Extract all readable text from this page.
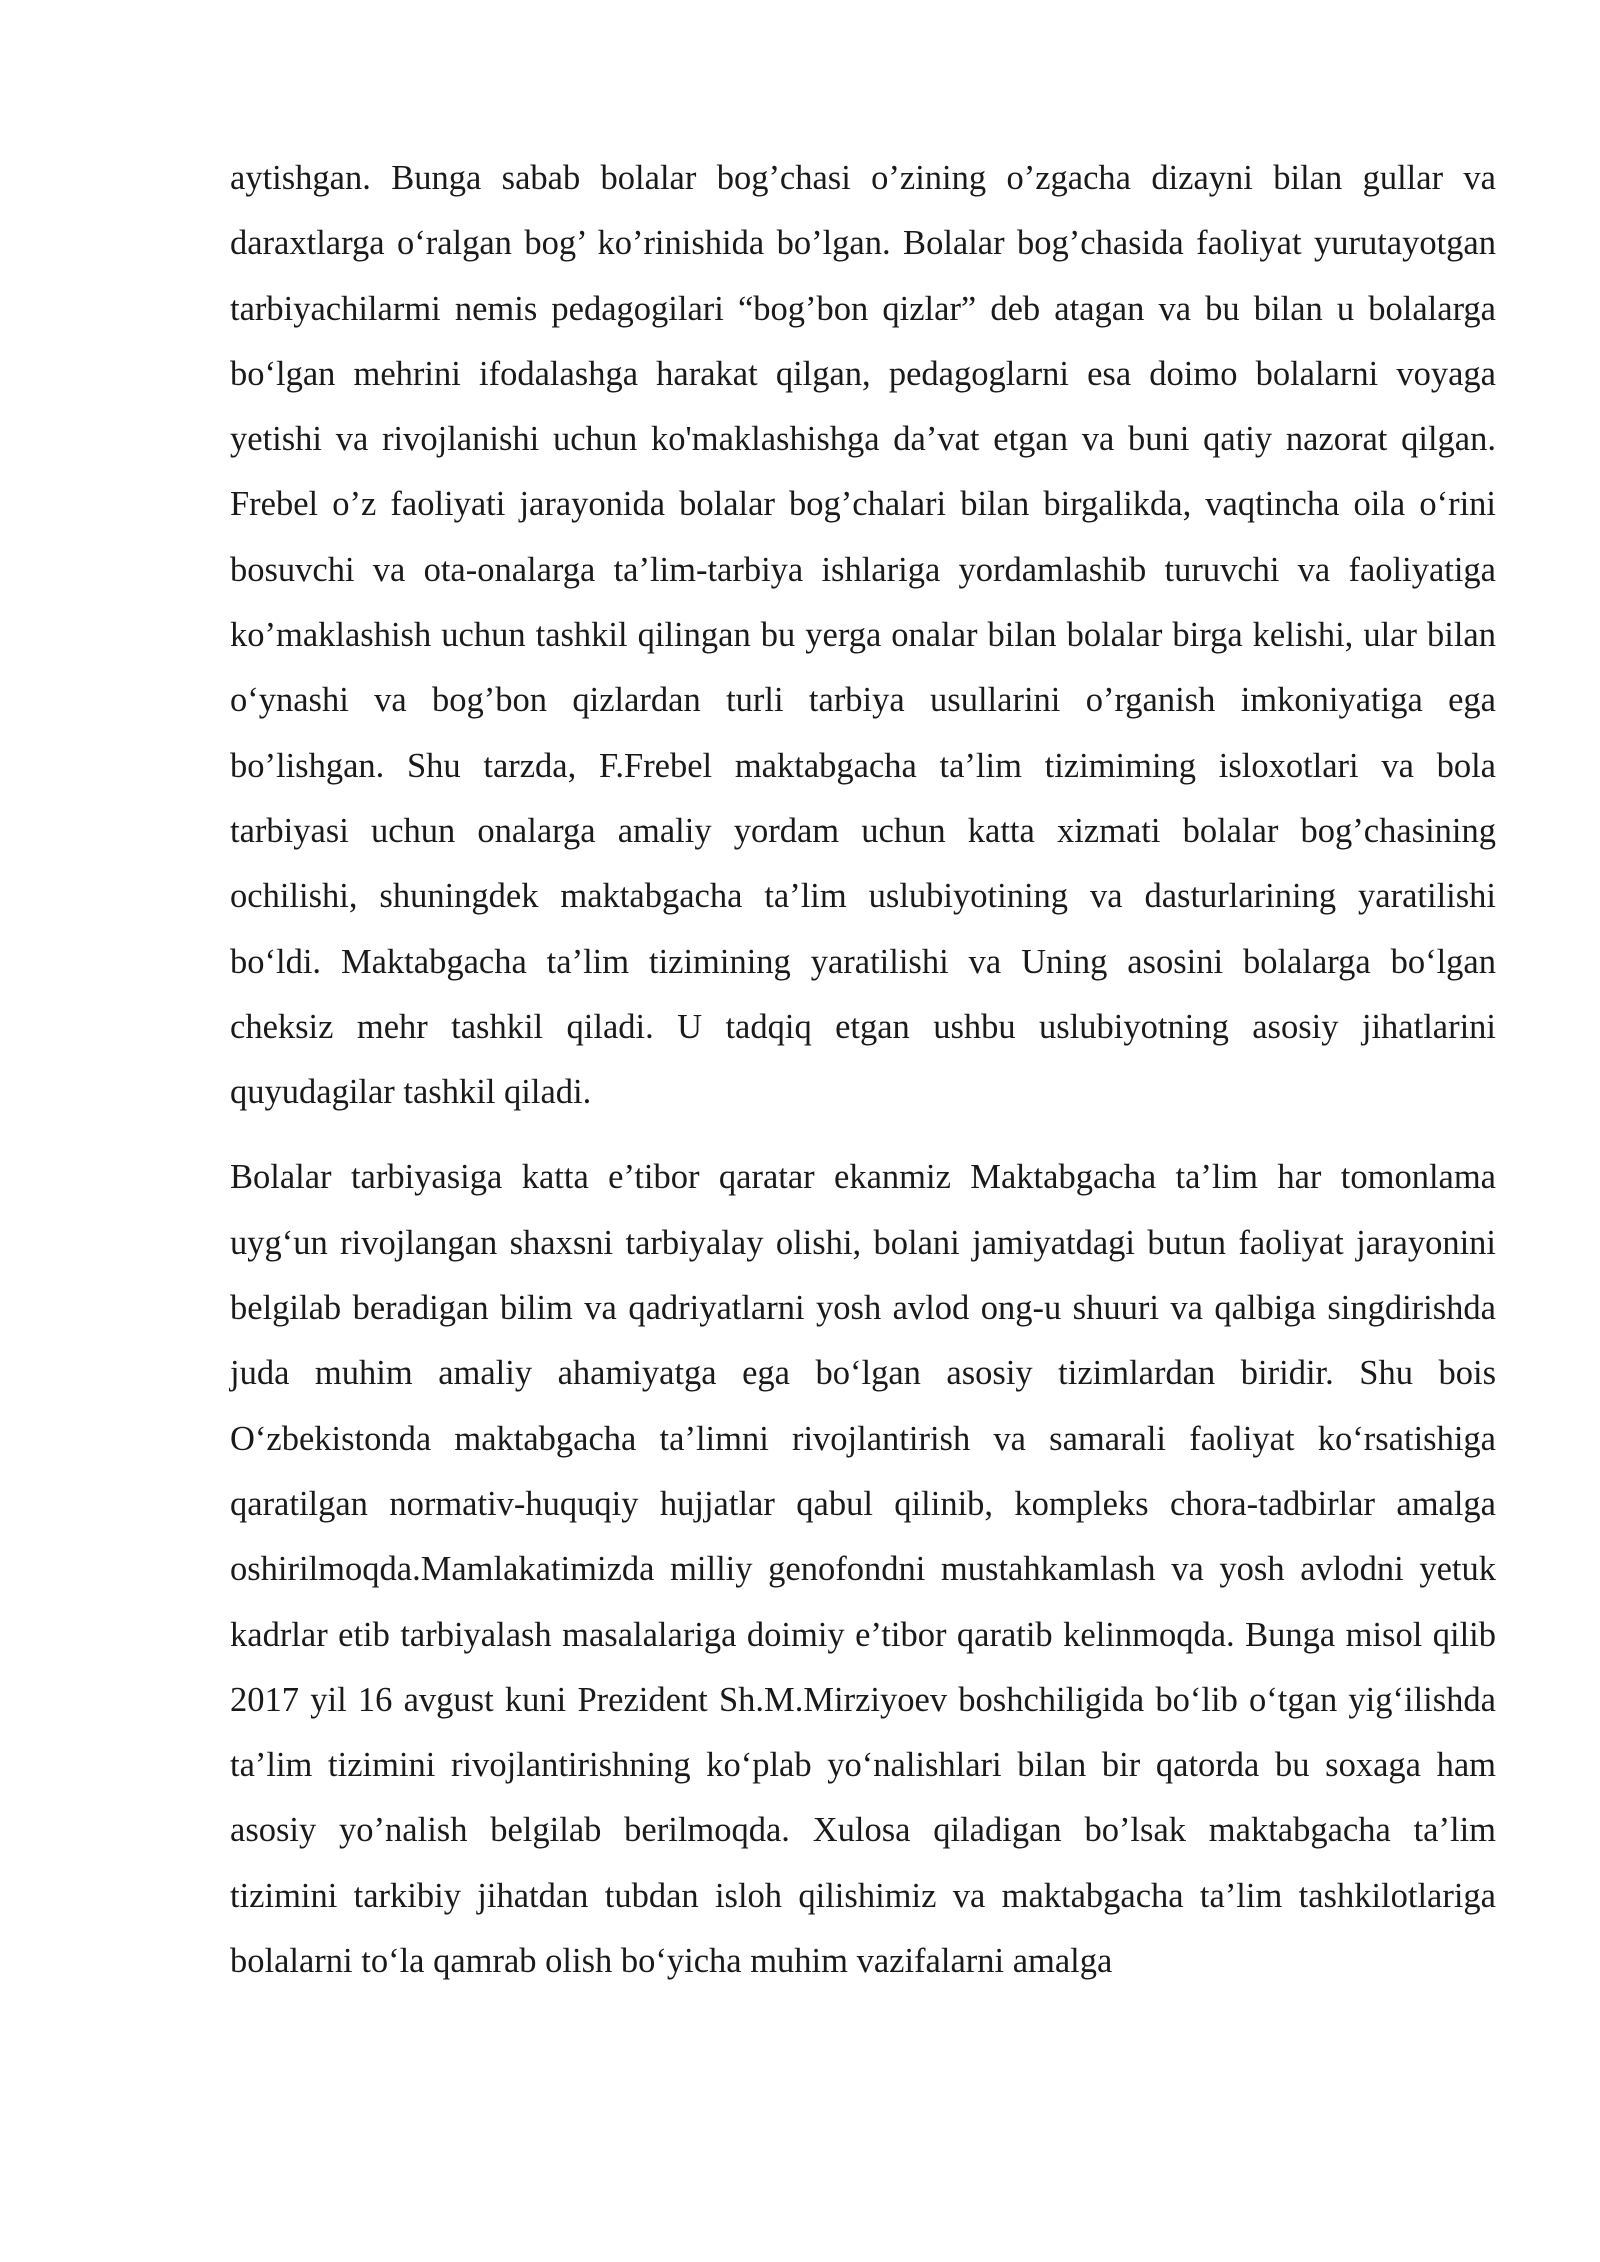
aytishgan. Bunga sabab bolalar bog’chasi o’zining o’zgacha dizayni bilan gullar va daraxtlarga o‘ralgan bog’ ko’rinishida bo’lgan. Bolalar bog’chasida faoliyat yurutayotgan tarbiyachilarmi nemis pedagogilari “bog’bon qizlar” deb atagan va bu bilan u bolalarga bo‘lgan mehrini ifodalashga harakat qilgan, pedagoglarni esa doimo bolalarni voyaga yetishi va rivojlanishi uchun ko'maklashishga da’vat etgan va buni qatiy nazorat qilgan. Frebel o’z faoliyati jarayonida bolalar bog’chalari bilan birgalikda, vaqtincha oila o‘rini bosuvchi va ota-onalarga ta’lim-tarbiya ishlariga yordamlashib turuvchi va faoliyatiga ko’maklashish uchun tashkil qilingan bu yerga onalar bilan bolalar birga kelishi, ular bilan o‘ynashi va bog’bon qizlardan turli tarbiya usullarini o’rganish imkoniyatiga ega bo’lishgan. Shu tarzda, F.Frebel maktabgacha ta’lim tizimiming isloxotlari va bola tarbiyasi uchun onalarga amaliy yordam uchun katta xizmati bolalar bog’chasining ochilishi, shuningdek maktabgacha ta’lim uslubiyotining va dasturlarining yaratilishi bo‘ldi. Maktabgacha ta’lim tizimining yaratilishi va Uning asosini bolalarga bo‘lgan cheksiz mehr tashkil qiladi. U tadqiq etgan ushbu uslubiyotning asosiy jihatlarini quyudagilar tashkil qiladi.

Bolalar tarbiyasiga katta e’tibor qaratar ekanmiz Maktabgacha ta’lim har tomonlama uyg‘un rivojlangan shaxsni tarbiyalay olishi, bolani jamiyatdagi butun faoliyat jarayonini belgilab beradigan bilim va qadriyatlarni yosh avlod ong-u shuuri va qalbiga singdirishda juda muhim amaliy ahamiyatga ega bo‘lgan asosiy tizimlardan biridir. Shu bois O‘zbekistonda maktabgacha ta’limni rivojlantirish va samarali faoliyat ko‘rsatishiga qaratilgan normativ-huquqiy hujjatlar qabul qilinib, kompleks chora-tadbirlar amalga oshirilmoqda.Mamlakatimizda milliy genofondni mustahkamlash va yosh avlodni yetuk kadrlar etib tarbiyalash masalalariga doimiy e’tibor qaratib kelinmoqda. Bunga misol qilib 2017 yil 16 avgust kuni Prezident Sh.M.Mirziyoev boshchiligida bo‘lib o‘tgan yig‘ilishda ta’lim tizimini rivojlantirishning ko‘plab yo‘nalishlari bilan bir qatorda bu soxaga ham asosiy yo’nalish belgilab berilmoqda. Xulosa qiladigan bo’lsak maktabgacha ta’lim tizimini tarkibiy jihatdan tubdan isloh qilishimiz va maktabgacha ta’lim tashkilotlariga bolalarni to‘la qamrab olish bo‘yicha muhim vazifalarni amalga
